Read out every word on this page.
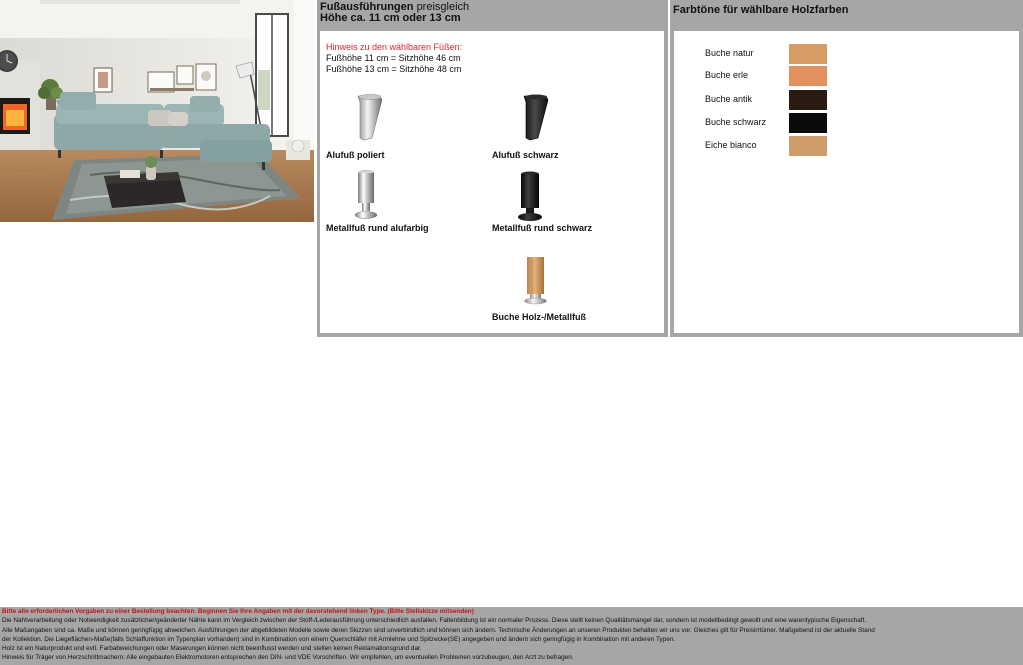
Fußausführungen preisgleich
Höhe ca. 11 cm oder 13 cm
Hinweis zu den wählbaren Füßen:
Fußhöhe 11 cm = Sitzhöhe 46 cm
Fußhöhe 13 cm = Sitzhöhe 48 cm
Alufuß poliert	Alufuß schwarz
Metallfuß rund alufarbig	Metallfuß rund schwarz
Buche Holz-/Metallfuß
Farbtöne für wählbare Holzfarben
Buche natur
Buche erle
Buche antik
Buche schwarz
Eiche bianco

Bitte alle erforderlichen Vorgaben zu einer Bestellung beachten. Beginnen Sie Ihre Angaben mit der davorstehend linken Type. (Bitte Stellskizze mitsenden)

Die Nahtverarbeitung oder Notwendigkeit zusätzlicher/geänderter Nähte kann im Vergleich zwischen der Stoff-/Lederausführung unterschiedlich ausfallen. Faltenbildung ist ein normaler Prozess. Diese stellt keinen Qualitätsmangel dar, sondern ist modellbedingt gewollt und eine warentypische Eigenschaft.

Alle Maßangaben sind ca. Maße und können geringfügig abweichen. Ausführungen der abgebildeten Modelle sowie deren Skizzen sind unverbindlich und können sich ändern. Technische Änderungen an unseren Produkten behalten wir uns vor. Gleiches gilt für Preisirrtümer. Maßgebend ist der aktuelle Stand

der Kollektion. Die Liegeflächen-Maße(falls Schlaffunktion im Typenplan vorhanden) sind in Kombination von einem Querschläfer mit Armlehne und Spitzecke(SE) angegeben und ändern sich geringfügig in Kombination mit anderen Typen.

Holz ist ein Naturprodukt und evtl. Farbabweichungen oder Maserungen können nicht beeinflusst werden und stellen keinen Reklamationsgrund dar.

Hinweis für Träger von Herzschrittmachern: Alle eingebauten Elektromotoren entsprechen den DIN- und VDE Vorschriften. Wir empfehlen, um eventuellen Problemen vorzubeugen, den Arzt zu befragen.
